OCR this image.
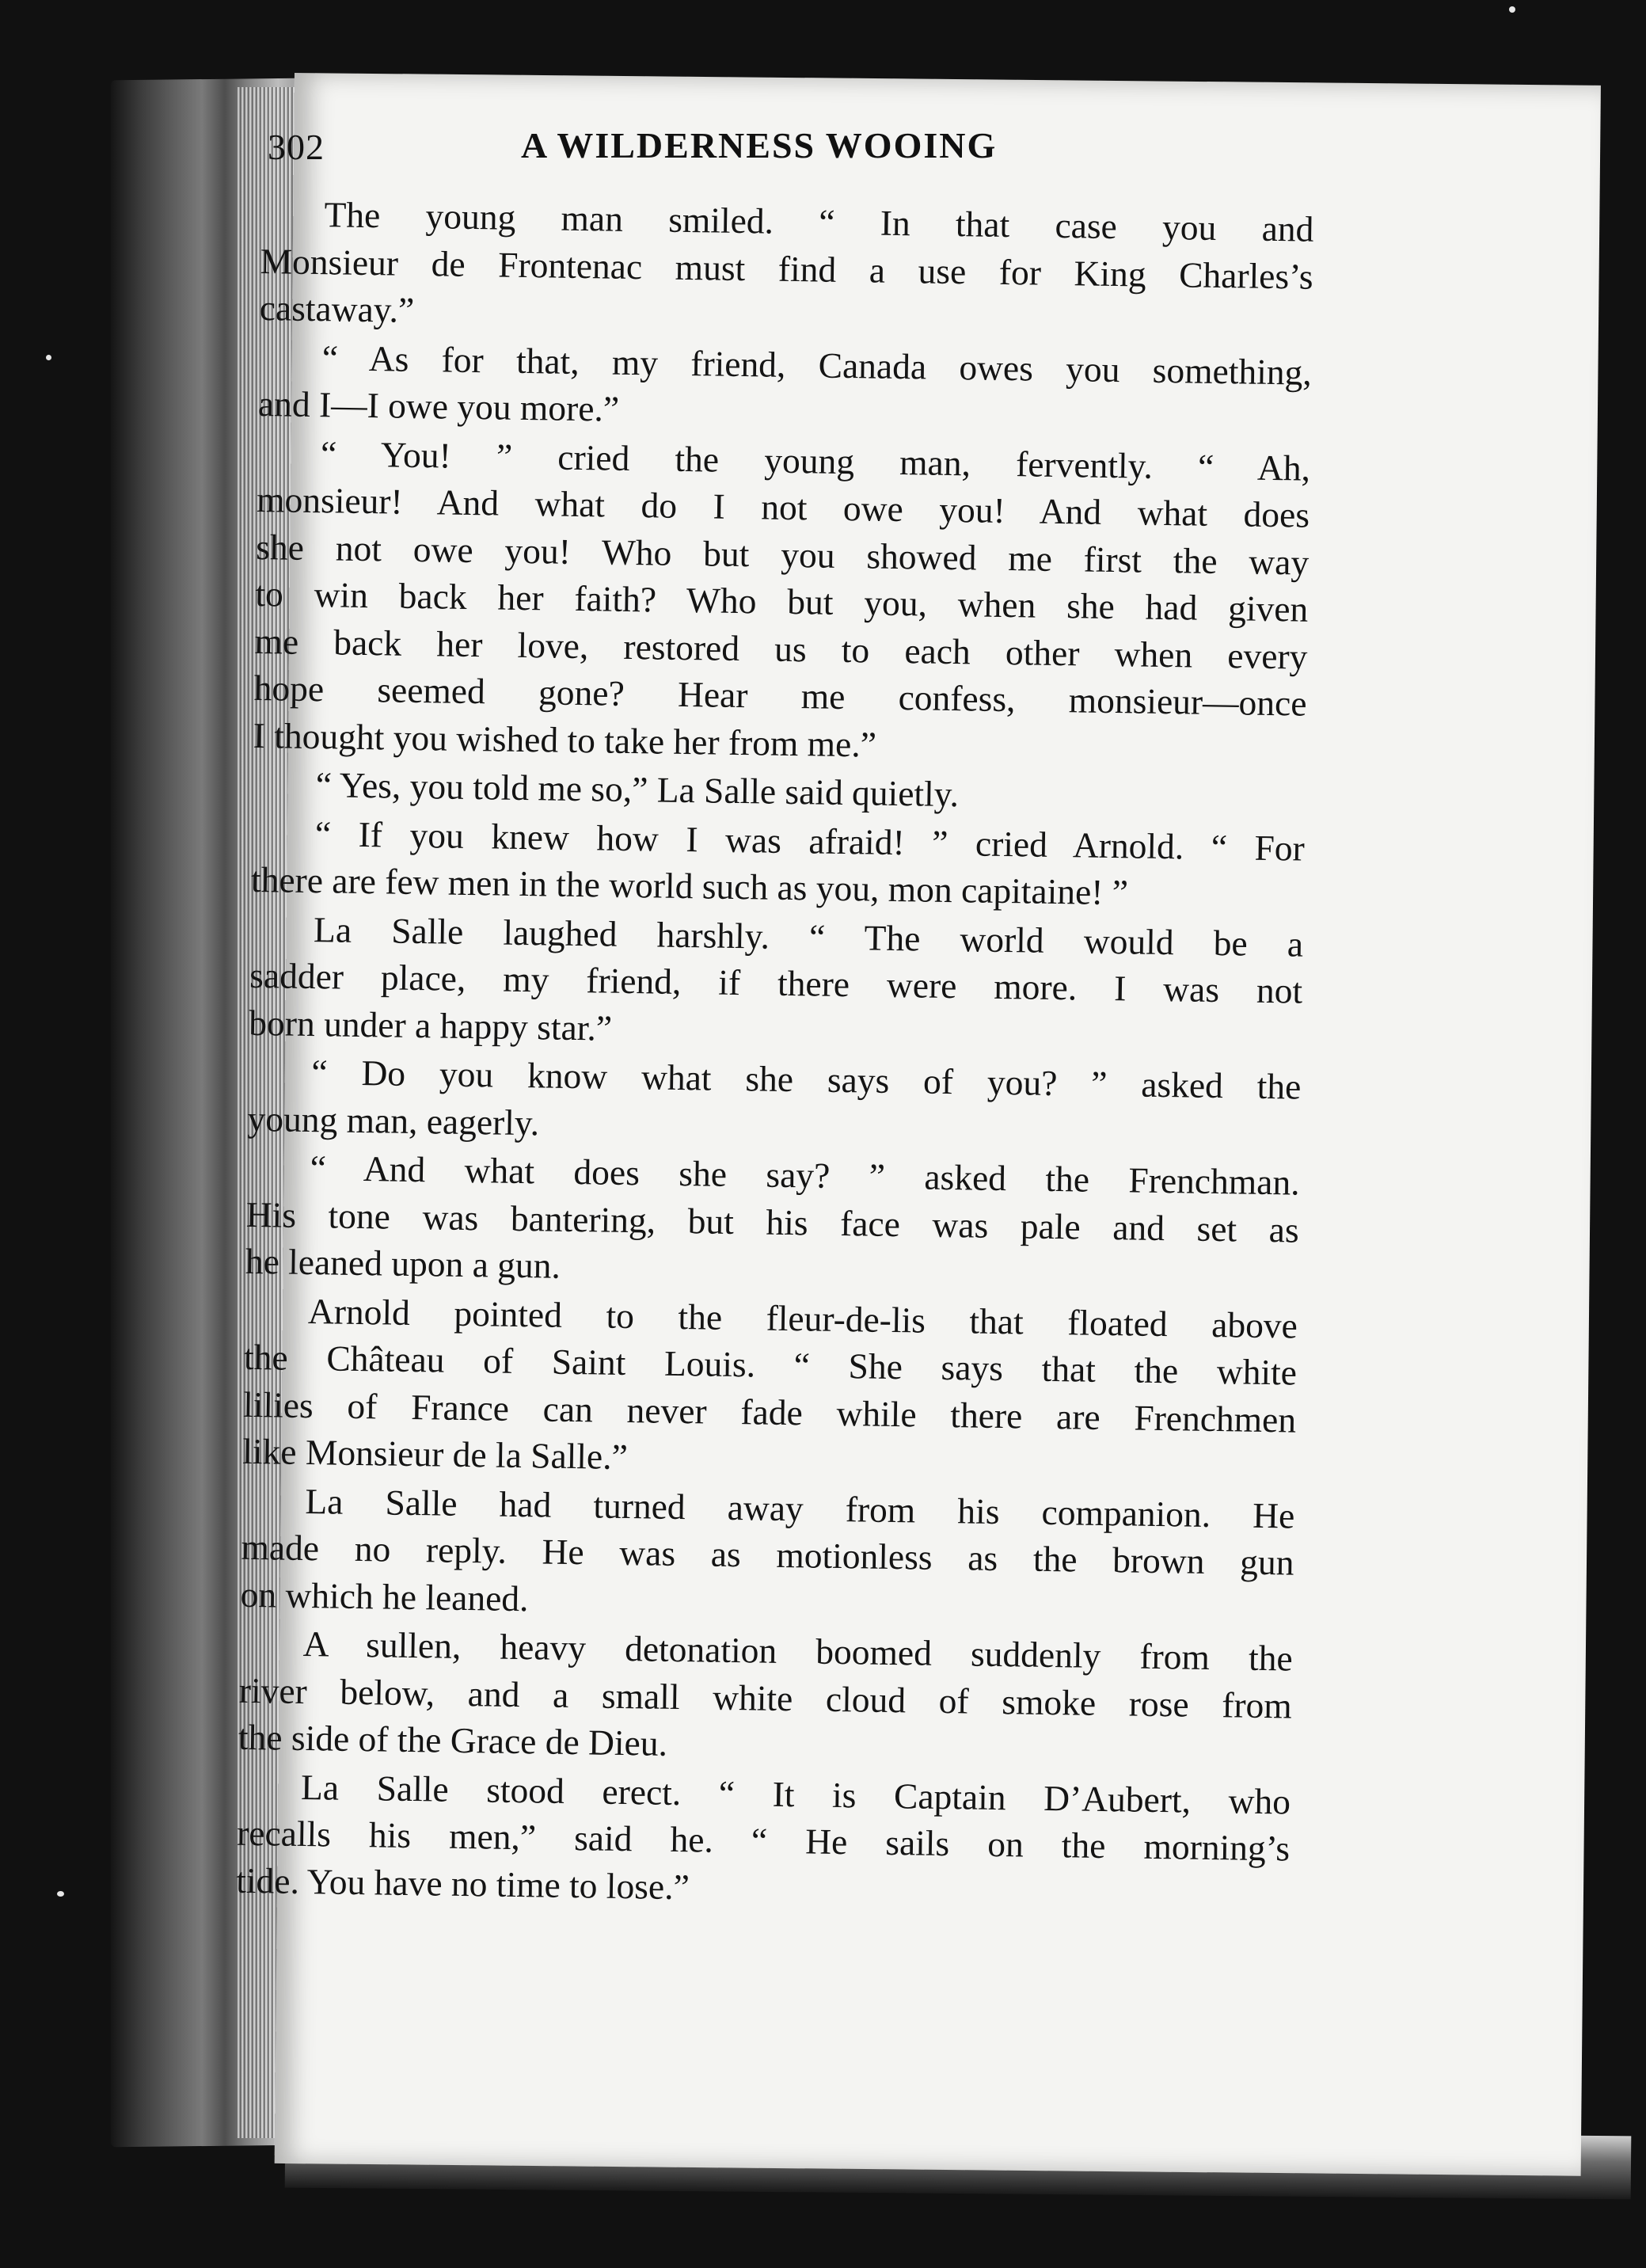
302	A WILDERNESS WOOING
The young man smiled. “ In that case you and
Monsieur de Frontenac must find a use for King Charles’s
castaway.”
“ As for that, my friend, Canada owes you something,
and I—I owe you more.”
“ You! ” cried the young man, fervently. “ Ah,
monsieur! And what do I not owe you! And what does
she not owe you! Who but you showed me first the way
to win back her faith? Who but you, when she had given
me back her love, restored us to each other when every
hope seemed gone? Hear me confess, monsieur—once
I thought you wished to take her from me.”
“ Yes, you told me so,” La Salle said quietly.
“ If you knew how I was afraid! ” cried Arnold. “ For
there are few men in the world such as you, mon capitaine! ”
La Salle laughed harshly. “ The world would be a
sadder place, my friend, if there were more. I was not
born under a happy star.”
“ Do you know what she says of you? ” asked the
young man, eagerly.
“ And what does she say? ” asked the Frenchman.
His tone was bantering, but his face was pale and set as
he leaned upon a gun.
Arnold pointed to the fleur-de-lis that floated above
the Château of Saint Louis. “ She says that the white
lilies of France can never fade while there are Frenchmen
like Monsieur de la Salle.”
La Salle had turned away from his companion. He
made no reply. He was as motionless as the brown gun
on which he leaned.
A sullen, heavy detonation boomed suddenly from the
river below, and a small white cloud of smoke rose from
the side of the Grace de Dieu.
La Salle stood erect. “ It is Captain D’Aubert, who
recalls his men,” said he. “ He sails on the morning’s
tide. You have no time to lose.”
